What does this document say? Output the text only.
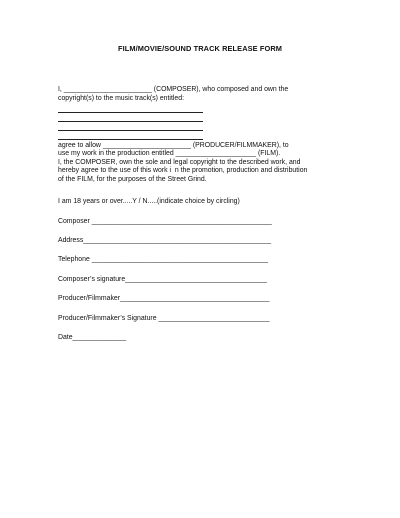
FILM/MOVIE/SOUND TRACK RELEASE FORM
I, _______________________ (COMPOSER), who composed and own the
copyright(s) to the music track(s) entitled:
agree to allow _______________________ (PRODUCER/FILMMAKER), to
use my work in the production entitled _____________________ (FILM).
I, the COMPOSER, own the sole and legal copyright to the described work, and
hereby agree to the use of this work i  n the promotion, production and distribution
of the FILM, for the purposes of the Street Grind.
I am 18 years or over.....Y / N.....(indicate choice by circling)
Composer _______________________________________________
Address_________________________________________________
Telephone ______________________________________________
Composer’s signature_____________________________________
Producer/Filmmaker_______________________________________
Producer/Filmmaker’s Signature _____________________________
Date______________
